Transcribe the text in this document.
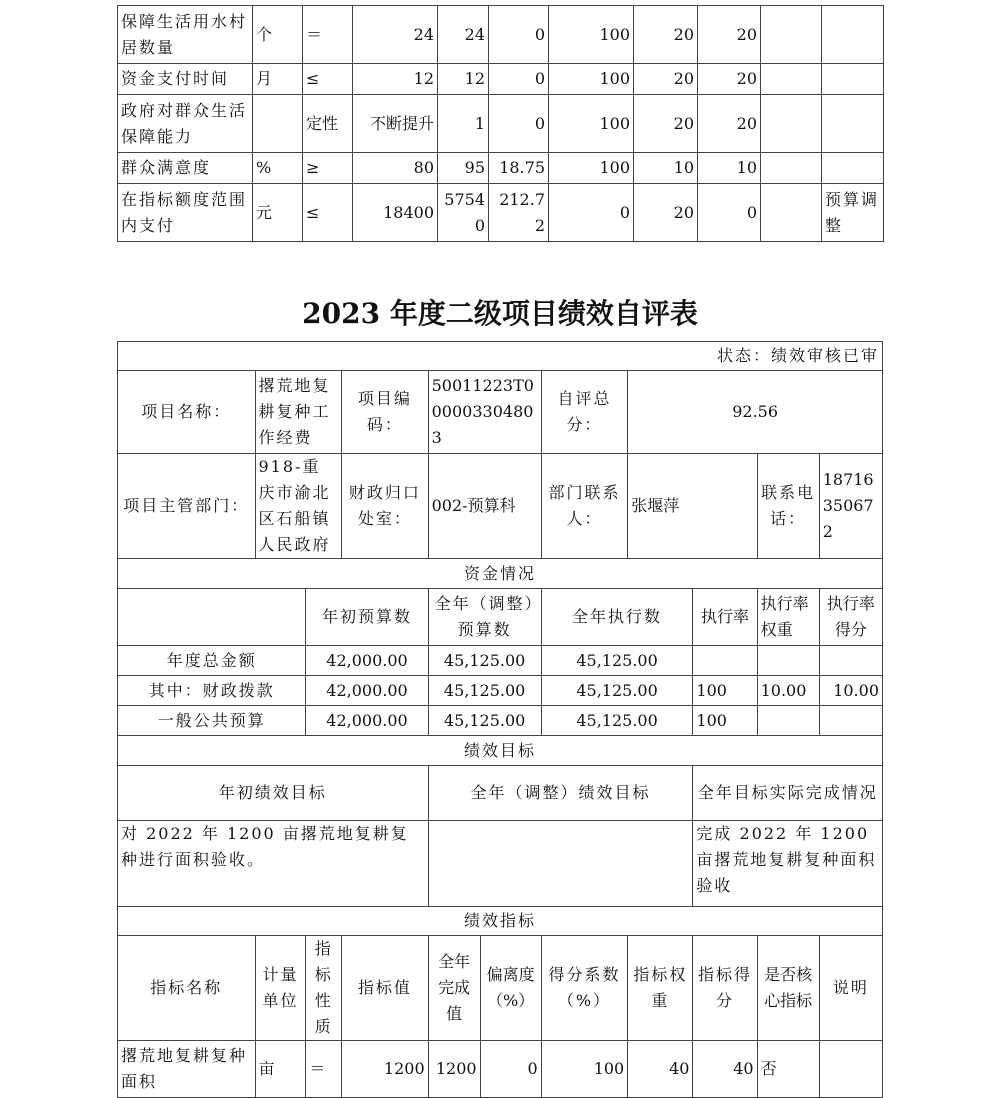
保障生活用水村居数量	个	＝	24	24	0	100	20	20		
资金支付时间	月	≤	12	12	0	100	20	20		
政府对群众生活保障能力		定性	不断提升	1	0	100	20	20		
群众满意度	%	≥	80	95	18.75	100	10	10		
在指标额度范围内支付	元	≤	18400	57540	212.72	0	20	0		预算调整
2023 年度二级项目绩效自评表
状态：绩效审核已审										
项目名称：	撂荒地复耕复种工作经费		项目编码：	50011223T000003304803		自评总分：	92.56			
项目主管部门：	918-重庆市渝北区石船镇人民政府		财政归口处室：	002-预算科		部门联系人：	张堰萍		联系电话：	18716350672
资金情况										
		年初预算数		全年（调整）预算数		全年执行数		执行率	执行率权重	执行率得分
年度总金额		42,000.00		45,125.00		45,125.00				
其中：财政拨款		42,000.00		45,125.00		45,125.00		100	10.00	10.00
一般公共预算		42,000.00		45,125.00		45,125.00		100		
绩效目标										
年初绩效目标				全年（调整）绩效目标				全年目标实际完成情况		
对 2022 年 1200 亩撂荒地复耕复种进行面积验收。								完成 2022 年 1200 亩撂荒地复耕复种面积验收		
绩效指标										
指标名称	计量单位	指标性质	指标值	全年完成值	偏离度（%）	得分系数（%）	指标权重	指标得分	是否核心指标	说明
撂荒地复耕复种面积	亩	＝	1200	1200	0	100	40	40	否	
